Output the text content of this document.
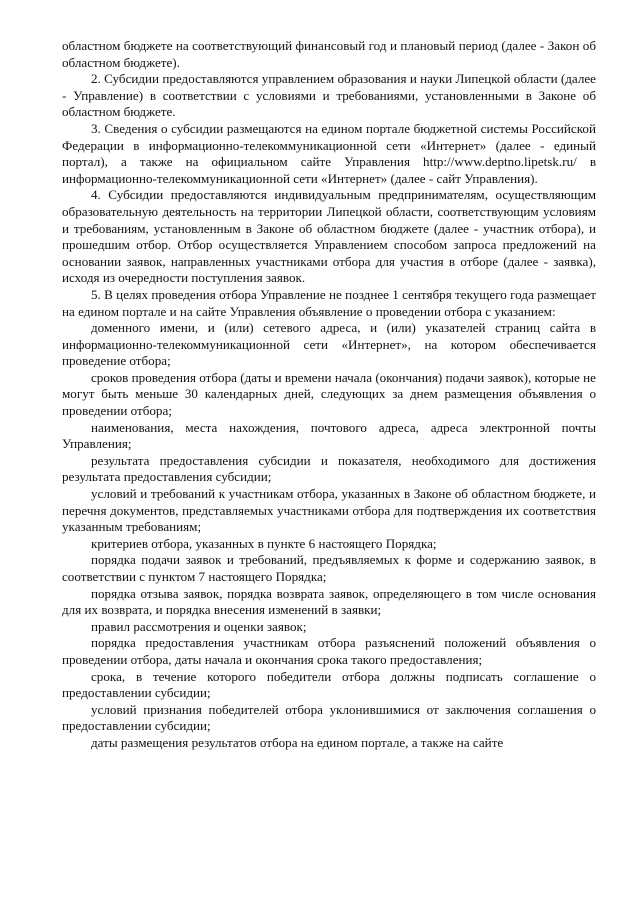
областном бюджете на соответствующий финансовый год и плановый период (далее - Закон об областном бюджете).

2. Субсидии предоставляются управлением образования и науки Липецкой области (далее - Управление) в соответствии с условиями и требованиями, установленными в Законе об областном бюджете.

3. Сведения о субсидии размещаются на едином портале бюджетной системы Российской Федерации в информационно-телекоммуникационной сети «Интернет» (далее - единый портал), а также на официальном сайте Управления http://www.deptno.lipetsk.ru/ в информационно-телекоммуникационной сети «Интернет» (далее - сайт Управления).

4. Субсидии предоставляются индивидуальным предпринимателям, осуществляющим образовательную деятельность на территории Липецкой области, соответствующим условиям и требованиям, установленным в Законе об областном бюджете (далее - участник отбора), и прошедшим отбор. Отбор осуществляется Управлением способом запроса предложений на основании заявок, направленных участниками отбора для участия в отборе (далее - заявка), исходя из очередности поступления заявок.

5. В целях проведения отбора Управление не позднее 1 сентября текущего года размещает на едином портале и на сайте Управления объявление о проведении отбора с указанием:

доменного имени, и (или) сетевого адреса, и (или) указателей страниц сайта в информационно-телекоммуникационной сети «Интернет», на котором обеспечивается проведение отбора;

сроков проведения отбора (даты и времени начала (окончания) подачи заявок), которые не могут быть меньше 30 календарных дней, следующих за днем размещения объявления о проведении отбора;

наименования, места нахождения, почтового адреса, адреса электронной почты Управления;

результата предоставления субсидии и показателя, необходимого для достижения результата предоставления субсидии;

условий и требований к участникам отбора, указанных в Законе об областном бюджете, и перечня документов, представляемых участниками отбора для подтверждения их соответствия указанным требованиям;

критериев отбора, указанных в пункте 6 настоящего Порядка;

порядка подачи заявок и требований, предъявляемых к форме и содержанию заявок, в соответствии с пунктом 7 настоящего Порядка;

порядка отзыва заявок, порядка возврата заявок, определяющего в том числе основания для их возврата, и порядка внесения изменений в заявки;

правил рассмотрения и оценки заявок;

порядка предоставления участникам отбора разъяснений положений объявления о проведении отбора, даты начала и окончания срока такого предоставления;

срока, в течение которого победители отбора должны подписать соглашение о предоставлении субсидии;

условий признания победителей отбора уклонившимися от заключения соглашения о предоставлении субсидии;

даты размещения результатов отбора на едином портале, а также на сайте
